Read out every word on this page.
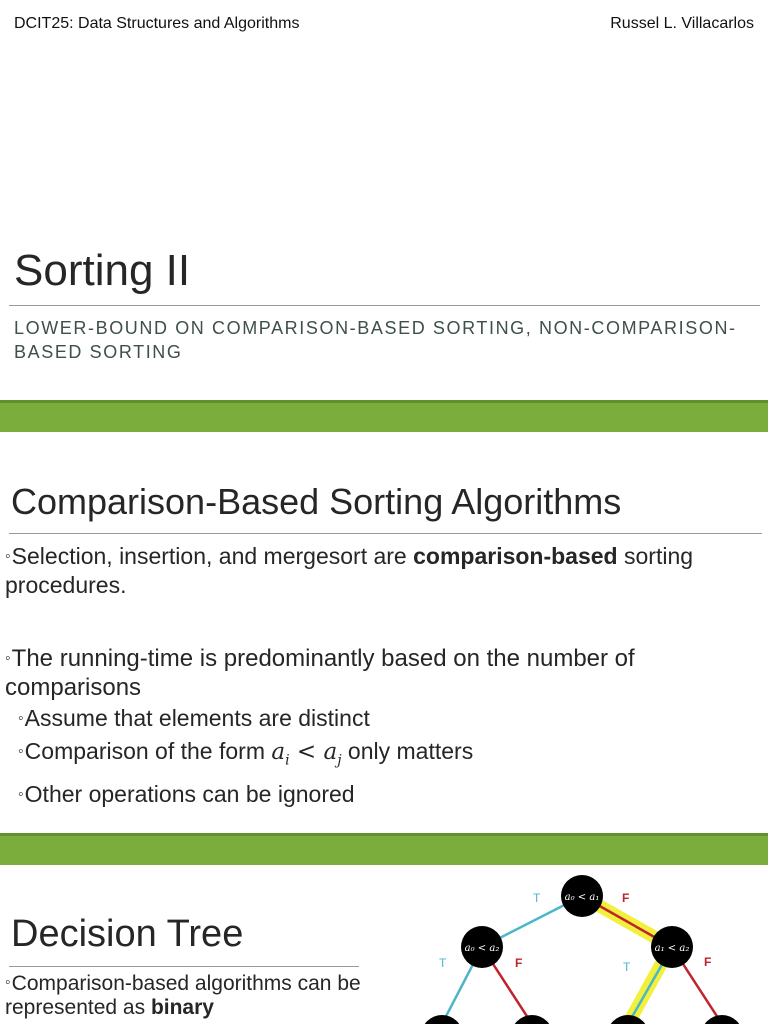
DCIT25: Data Structures and Algorithms	Russel L. Villacarlos
Sorting II
LOWER-BOUND ON COMPARISON-BASED SORTING, NON-COMPARISON-BASED SORTING
Comparison-Based Sorting Algorithms

◦Selection, insertion, and mergesort are comparison-based sorting procedures.

◦The running-time is predominantly based on the number of comparisons

◦Assume that elements are distinct
◦Comparison of the form $a_i < a_j$ only matters
◦Other operations can be ignored
Decision Tree
◦Comparison-based algorithms can be represented as binary
T	F
T	F	T	F
a₀ < a₁
a₀ < a₂	a₁ < a₂
